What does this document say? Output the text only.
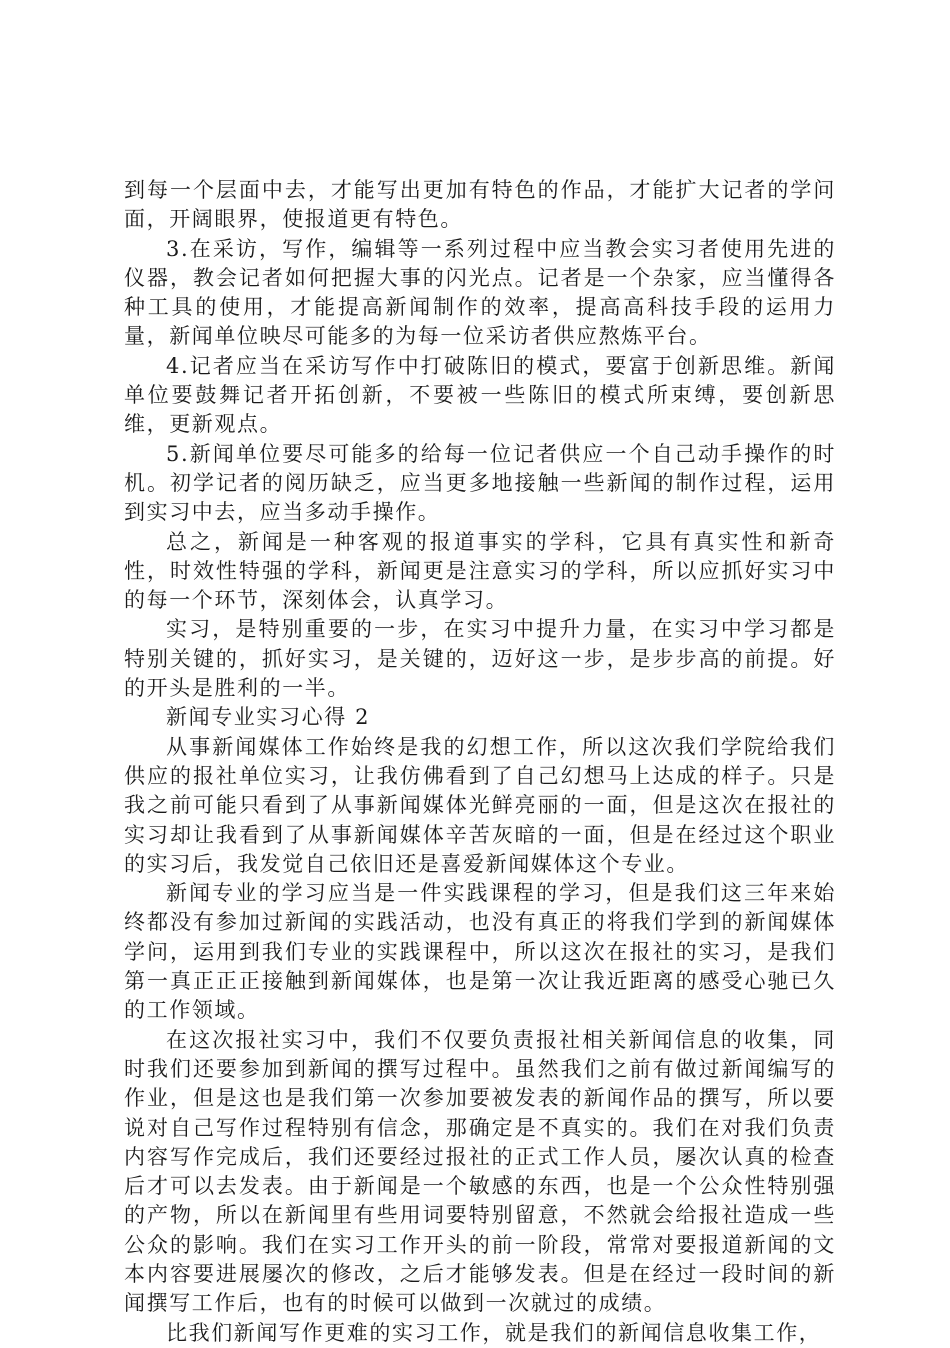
到每一个层面中去，才能写出更加有特色的作品，才能扩大记者的学问面，开阔眼界，使报道更有特色。

3.在采访，写作，编辑等一系列过程中应当教会实习者使用先进的仪器，教会记者如何把握大事的闪光点。记者是一个杂家，应当懂得各种工具的使用，才能提高新闻制作的效率，提高高科技手段的运用力量，新闻单位映尽可能多的为每一位采访者供应熬炼平台。

4.记者应当在采访写作中打破陈旧的模式，要富于创新思维。新闻单位要鼓舞记者开拓创新，不要被一些陈旧的模式所束缚，要创新思维，更新观点。

5.新闻单位要尽可能多的给每一位记者供应一个自己动手操作的时机。初学记者的阅历缺乏，应当更多地接触一些新闻的制作过程，运用到实习中去，应当多动手操作。

总之，新闻是一种客观的报道事实的学科，它具有真实性和新奇性，时效性特强的学科，新闻更是注意实习的学科，所以应抓好实习中的每一个环节，深刻体会，认真学习。

实习，是特别重要的一步，在实习中提升力量，在实习中学习都是特别关键的，抓好实习，是关键的，迈好这一步，是步步高的前提。好的开头是胜利的一半。

新闻专业实习心得 2

从事新闻媒体工作始终是我的幻想工作，所以这次我们学院给我们供应的报社单位实习，让我仿佛看到了自己幻想马上达成的样子。只是我之前可能只看到了从事新闻媒体光鲜亮丽的一面，但是这次在报社的实习却让我看到了从事新闻媒体辛苦灰暗的一面，但是在经过这个职业的实习后，我发觉自己依旧还是喜爱新闻媒体这个专业。

新闻专业的学习应当是一件实践课程的学习，但是我们这三年来始终都没有参加过新闻的实践活动，也没有真正的将我们学到的新闻媒体学问，运用到我们专业的实践课程中，所以这次在报社的实习，是我们第一真正正正接触到新闻媒体，也是第一次让我近距离的感受心驰已久的工作领域。

在这次报社实习中，我们不仅要负责报社相关新闻信息的收集，同时我们还要参加到新闻的撰写过程中。虽然我们之前有做过新闻编写的作业，但是这也是我们第一次参加要被发表的新闻作品的撰写，所以要说对自己写作过程特别有信念，那确定是不真实的。我们在对我们负责内容写作完成后，我们还要经过报社的正式工作人员，屡次认真的检查后才可以去发表。由于新闻是一个敏感的东西，也是一个公众性特别强的产物，所以在新闻里有些用词要特别留意，不然就会给报社造成一些公众的影响。我们在实习工作开头的前一阶段，常常对要报道新闻的文本内容要进展屡次的修改，之后才能够发表。但是在经过一段时间的新闻撰写工作后，也有的时候可以做到一次就过的成绩。

比我们新闻写作更难的实习工作，就是我们的新闻信息收集工作，
